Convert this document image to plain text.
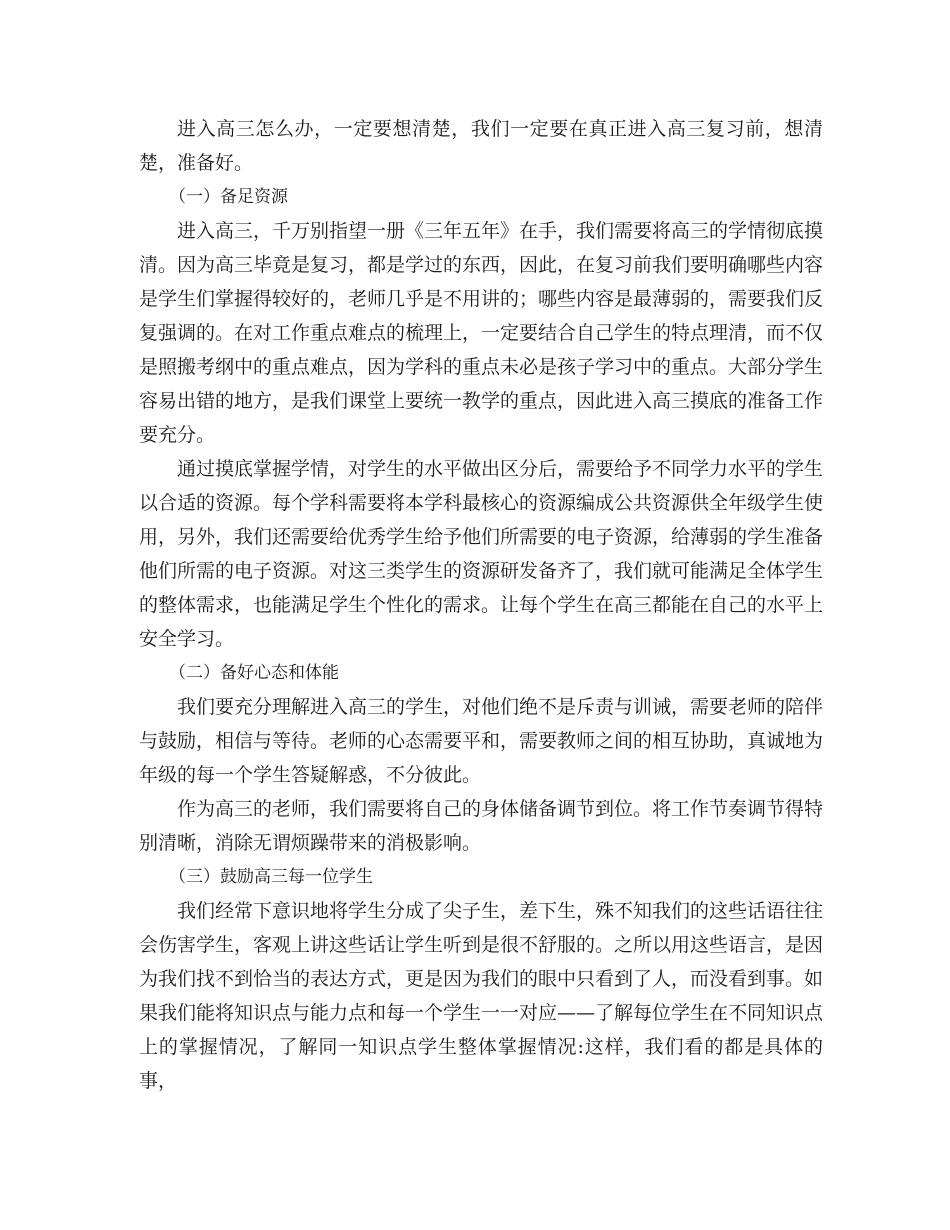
进入高三怎么办，一定要想清楚，我们一定要在真正进入高三复习前，想清楚，准备好。

（一）备足资源

进入高三，千万别指望一册《三年五年》在手，我们需要将高三的学情彻底摸清。因为高三毕竟是复习，都是学过的东西，因此，在复习前我们要明确哪些内容是学生们掌握得较好的，老师几乎是不用讲的；哪些内容是最薄弱的，需要我们反复强调的。在对工作重点难点的梳理上，一定要结合自己学生的特点理清，而不仅是照搬考纲中的重点难点，因为学科的重点未必是孩子学习中的重点。大部分学生容易出错的地方，是我们课堂上要统一教学的重点，因此进入高三摸底的准备工作要充分。

通过摸底掌握学情，对学生的水平做出区分后，需要给予不同学力水平的学生以合适的资源。每个学科需要将本学科最核心的资源编成公共资源供全年级学生使用，另外，我们还需要给优秀学生给予他们所需要的电子资源，给薄弱的学生准备他们所需的电子资源。对这三类学生的资源研发备齐了，我们就可能满足全体学生的整体需求，也能满足学生个性化的需求。让每个学生在高三都能在自己的水平上安全学习。

（二）备好心态和体能

我们要充分理解进入高三的学生，对他们绝不是斥责与训诫，需要老师的陪伴与鼓励，相信与等待。老师的心态需要平和，需要教师之间的相互协助，真诚地为年级的每一个学生答疑解惑，不分彼此。

作为高三的老师，我们需要将自己的身体储备调节到位。将工作节奏调节得特别清晰，消除无谓烦躁带来的消极影响。

（三）鼓励高三每一位学生

我们经常下意识地将学生分成了尖子生，差下生，殊不知我们的这些话语往往会伤害学生，客观上讲这些话让学生听到是很不舒服的。之所以用这些语言，是因为我们找不到恰当的表达方式，更是因为我们的眼中只看到了人，而没看到事。如果我们能将知识点与能力点和每一个学生一一对应——了解每位学生在不同知识点上的掌握情况，了解同一知识点学生整体掌握情况:这样，我们看的都是具体的事，
